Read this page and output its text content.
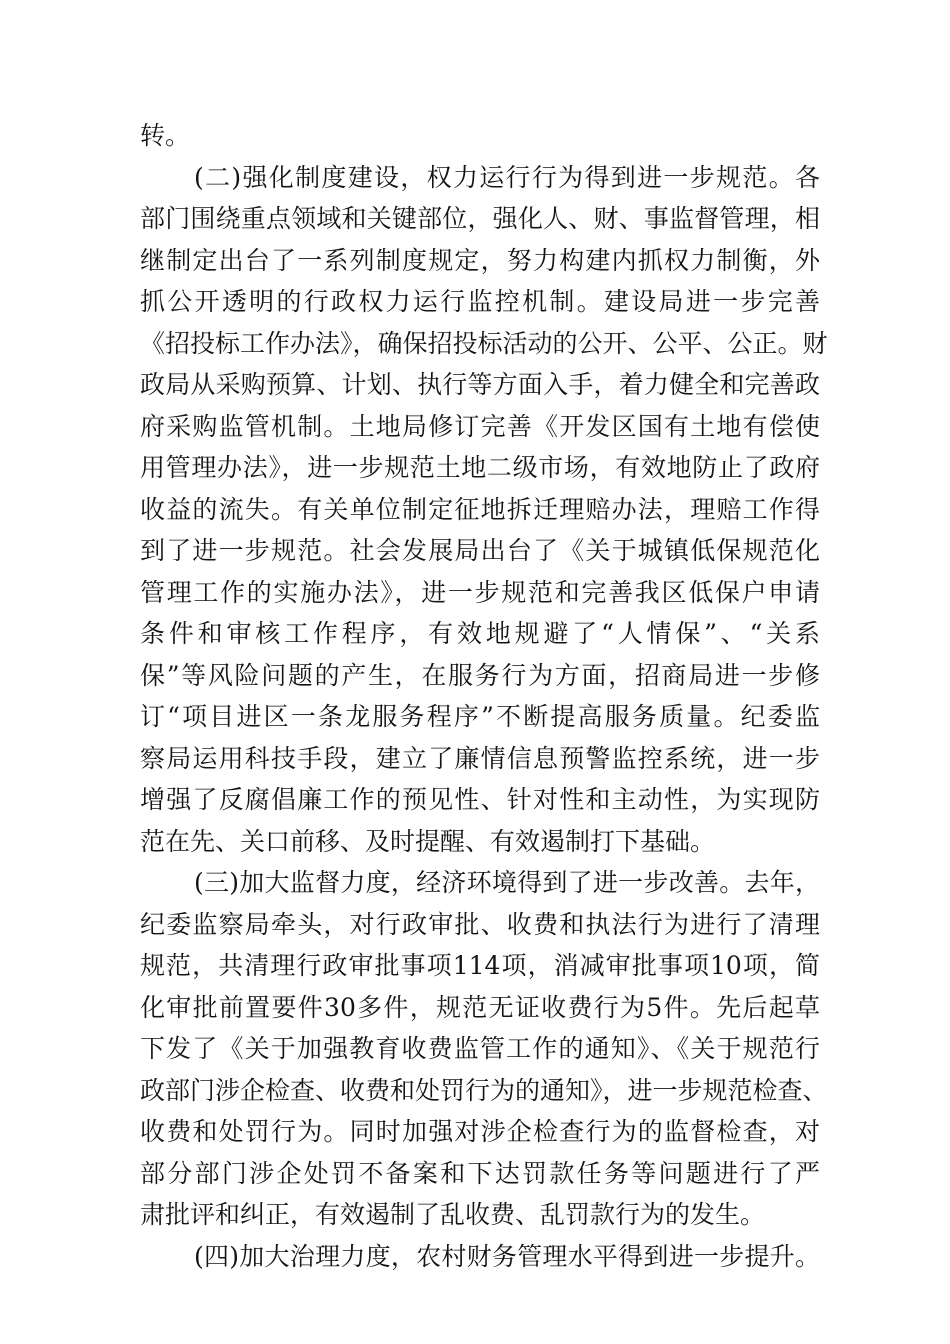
转。
(二)强化制度建设，权力运行行为得到进一步规范。各
部门围绕重点领域和关键部位，强化人、财、事监督管理，相
继制定出台了一系列制度规定，努力构建内抓权力制衡，外
抓公开透明的行政权力运行监控机制。建设局进一步完善
《招投标工作办法》，确保招投标活动的公开、公平、公正。财
政局从采购预算、计划、执行等方面入手，着力健全和完善政
府采购监管机制。土地局修订完善《开发区国有土地有偿使
用管理办法》，进一步规范土地二级市场，有效地防止了政府
收益的流失。有关单位制定征地拆迁理赔办法，理赔工作得
到了进一步规范。社会发展局出台了《关于城镇低保规范化
管理工作的实施办法》，进一步规范和完善我区低保户申请
条件和审核工作程序，有效地规避了“人情保”、“关系
保”等风险问题的产生，在服务行为方面，招商局进一步修
订“项目进区一条龙服务程序”不断提高服务质量。纪委监
察局运用科技手段，建立了廉情信息预警监控系统，进一步
增强了反腐倡廉工作的预见性、针对性和主动性，为实现防
范在先、关口前移、及时提醒、有效遏制打下基础。
(三)加大监督力度，经济环境得到了进一步改善。去年，
纪委监察局牵头，对行政审批、收费和执法行为进行了清理
规范，共清理行政审批事项114项，消减审批事项10项，简
化审批前置要件30多件，规范无证收费行为5件。先后起草
下发了《关于加强教育收费监管工作的通知》、《关于规范行
政部门涉企检查、收费和处罚行为的通知》，进一步规范检查、
收费和处罚行为。同时加强对涉企检查行为的监督检查，对
部分部门涉企处罚不备案和下达罚款任务等问题进行了严
肃批评和纠正，有效遏制了乱收费、乱罚款行为的发生。
(四)加大治理力度，农村财务管理水平得到进一步提升。
